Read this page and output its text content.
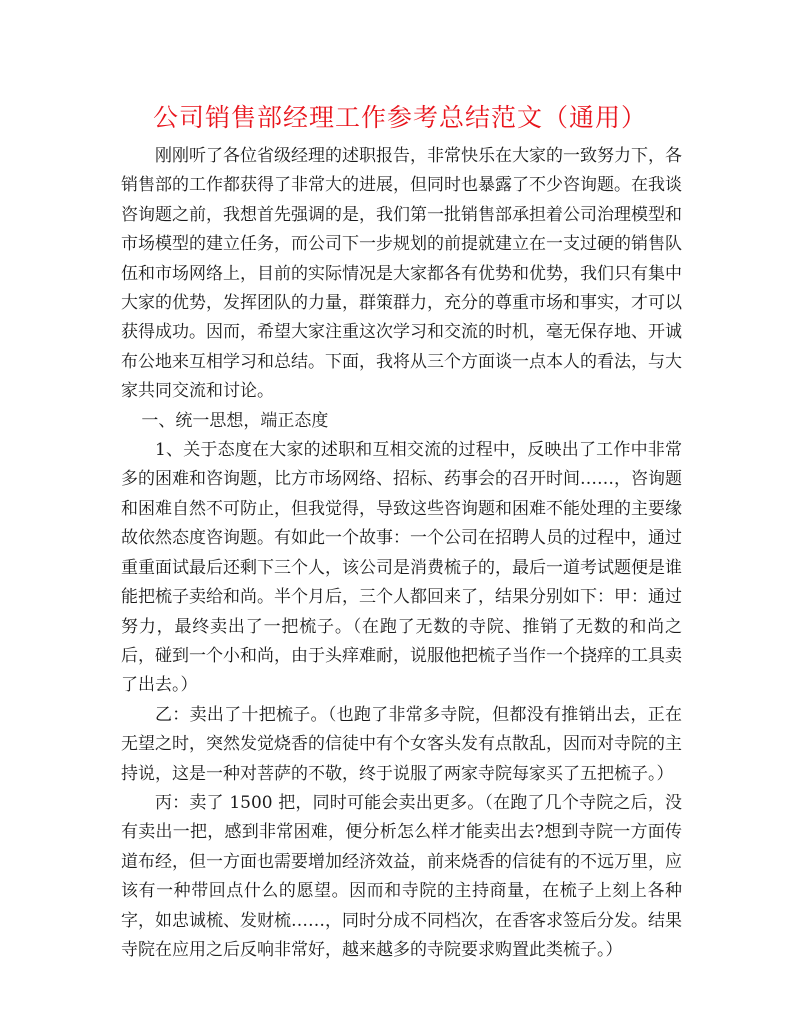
公司销售部经理工作参考总结范文（通用）

刚刚听了各位省级经理的述职报告，非常快乐在大家的一致努力下，各销售部的工作都获得了非常大的进展，但同时也暴露了不少咨询题。在我谈咨询题之前，我想首先强调的是，我们第一批销售部承担着公司治理模型和市场模型的建立任务，而公司下一步规划的前提就建立在一支过硬的销售队伍和市场网络上，目前的实际情况是大家都各有优势和优势，我们只有集中大家的优势，发挥团队的力量，群策群力，充分的尊重市场和事实，才可以获得成功。因而，希望大家注重这次学习和交流的时机，毫无保存地、开诚布公地来互相学习和总结。下面，我将从三个方面谈一点本人的看法，与大家共同交流和讨论。

一、统一思想，端正态度

1、关于态度在大家的述职和互相交流的过程中，反映出了工作中非常多的困难和咨询题，比方市场网络、招标、药事会的召开时间……，咨询题和困难自然不可防止，但我觉得，导致这些咨询题和困难不能处理的主要缘故依然态度咨询题。有如此一个故事：一个公司在招聘人员的过程中，通过重重面试最后还剩下三个人，该公司是消费梳子的，最后一道考试题便是谁能把梳子卖给和尚。半个月后，三个人都回来了，结果分别如下：甲：通过努力，最终卖出了一把梳子。（在跑了无数的寺院、推销了无数的和尚之后，碰到一个小和尚，由于头痒难耐，说服他把梳子当作一个挠痒的工具卖了出去。）

乙：卖出了十把梳子。（也跑了非常多寺院，但都没有推销出去，正在无望之时，突然发觉烧香的信徒中有个女客头发有点散乱，因而对寺院的主持说，这是一种对菩萨的不敬，终于说服了两家寺院每家买了五把梳子。）

丙：卖了 1500 把，同时可能会卖出更多。（在跑了几个寺院之后，没有卖出一把，感到非常困难，便分析怎么样才能卖出去?想到寺院一方面传道布经，但一方面也需要增加经济效益，前来烧香的信徒有的不远万里，应该有一种带回点什么的愿望。因而和寺院的主持商量，在梳子上刻上各种字，如忠诚梳、发财梳……，同时分成不同档次，在香客求签后分发。结果寺院在应用之后反响非常好，越来越多的寺院要求购置此类梳子。）
